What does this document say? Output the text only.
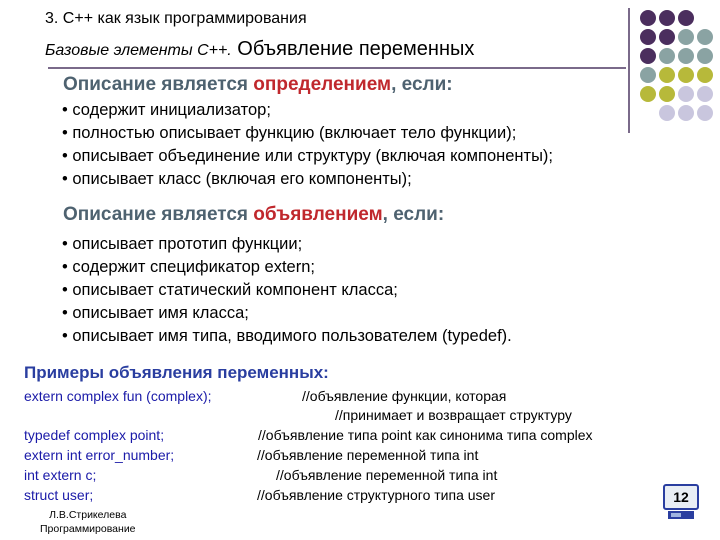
3. С++ как язык программирования
Базовые элементы С++. Объявление переменных
Описание является определением, если:
• содержит инициализатор;
• полностью описывает функцию (включает тело функции);
• описывает объединение или структуру (включая компоненты);
• описывает класс (включая его компоненты);
Описание является объявлением, если:
• описывает прототип функции;
• содержит спецификатор extern;
• описывает статический компонент класса;
• описывает имя класса;
• описывает имя типа, вводимого пользователем (typedef).
Примеры объявления переменных:
extern complex fun (complex);	//объявление функции, которая
//принимает и возвращает структуру
typedef complex point;	//объявление типа point как синонима типа complex
extern int error_number;	//объявление переменной типа int
int extern c;	//объявление переменной типа int
struct user;	//объявление структурного типа user
Л.В.Стрикелева
Программирование
12
